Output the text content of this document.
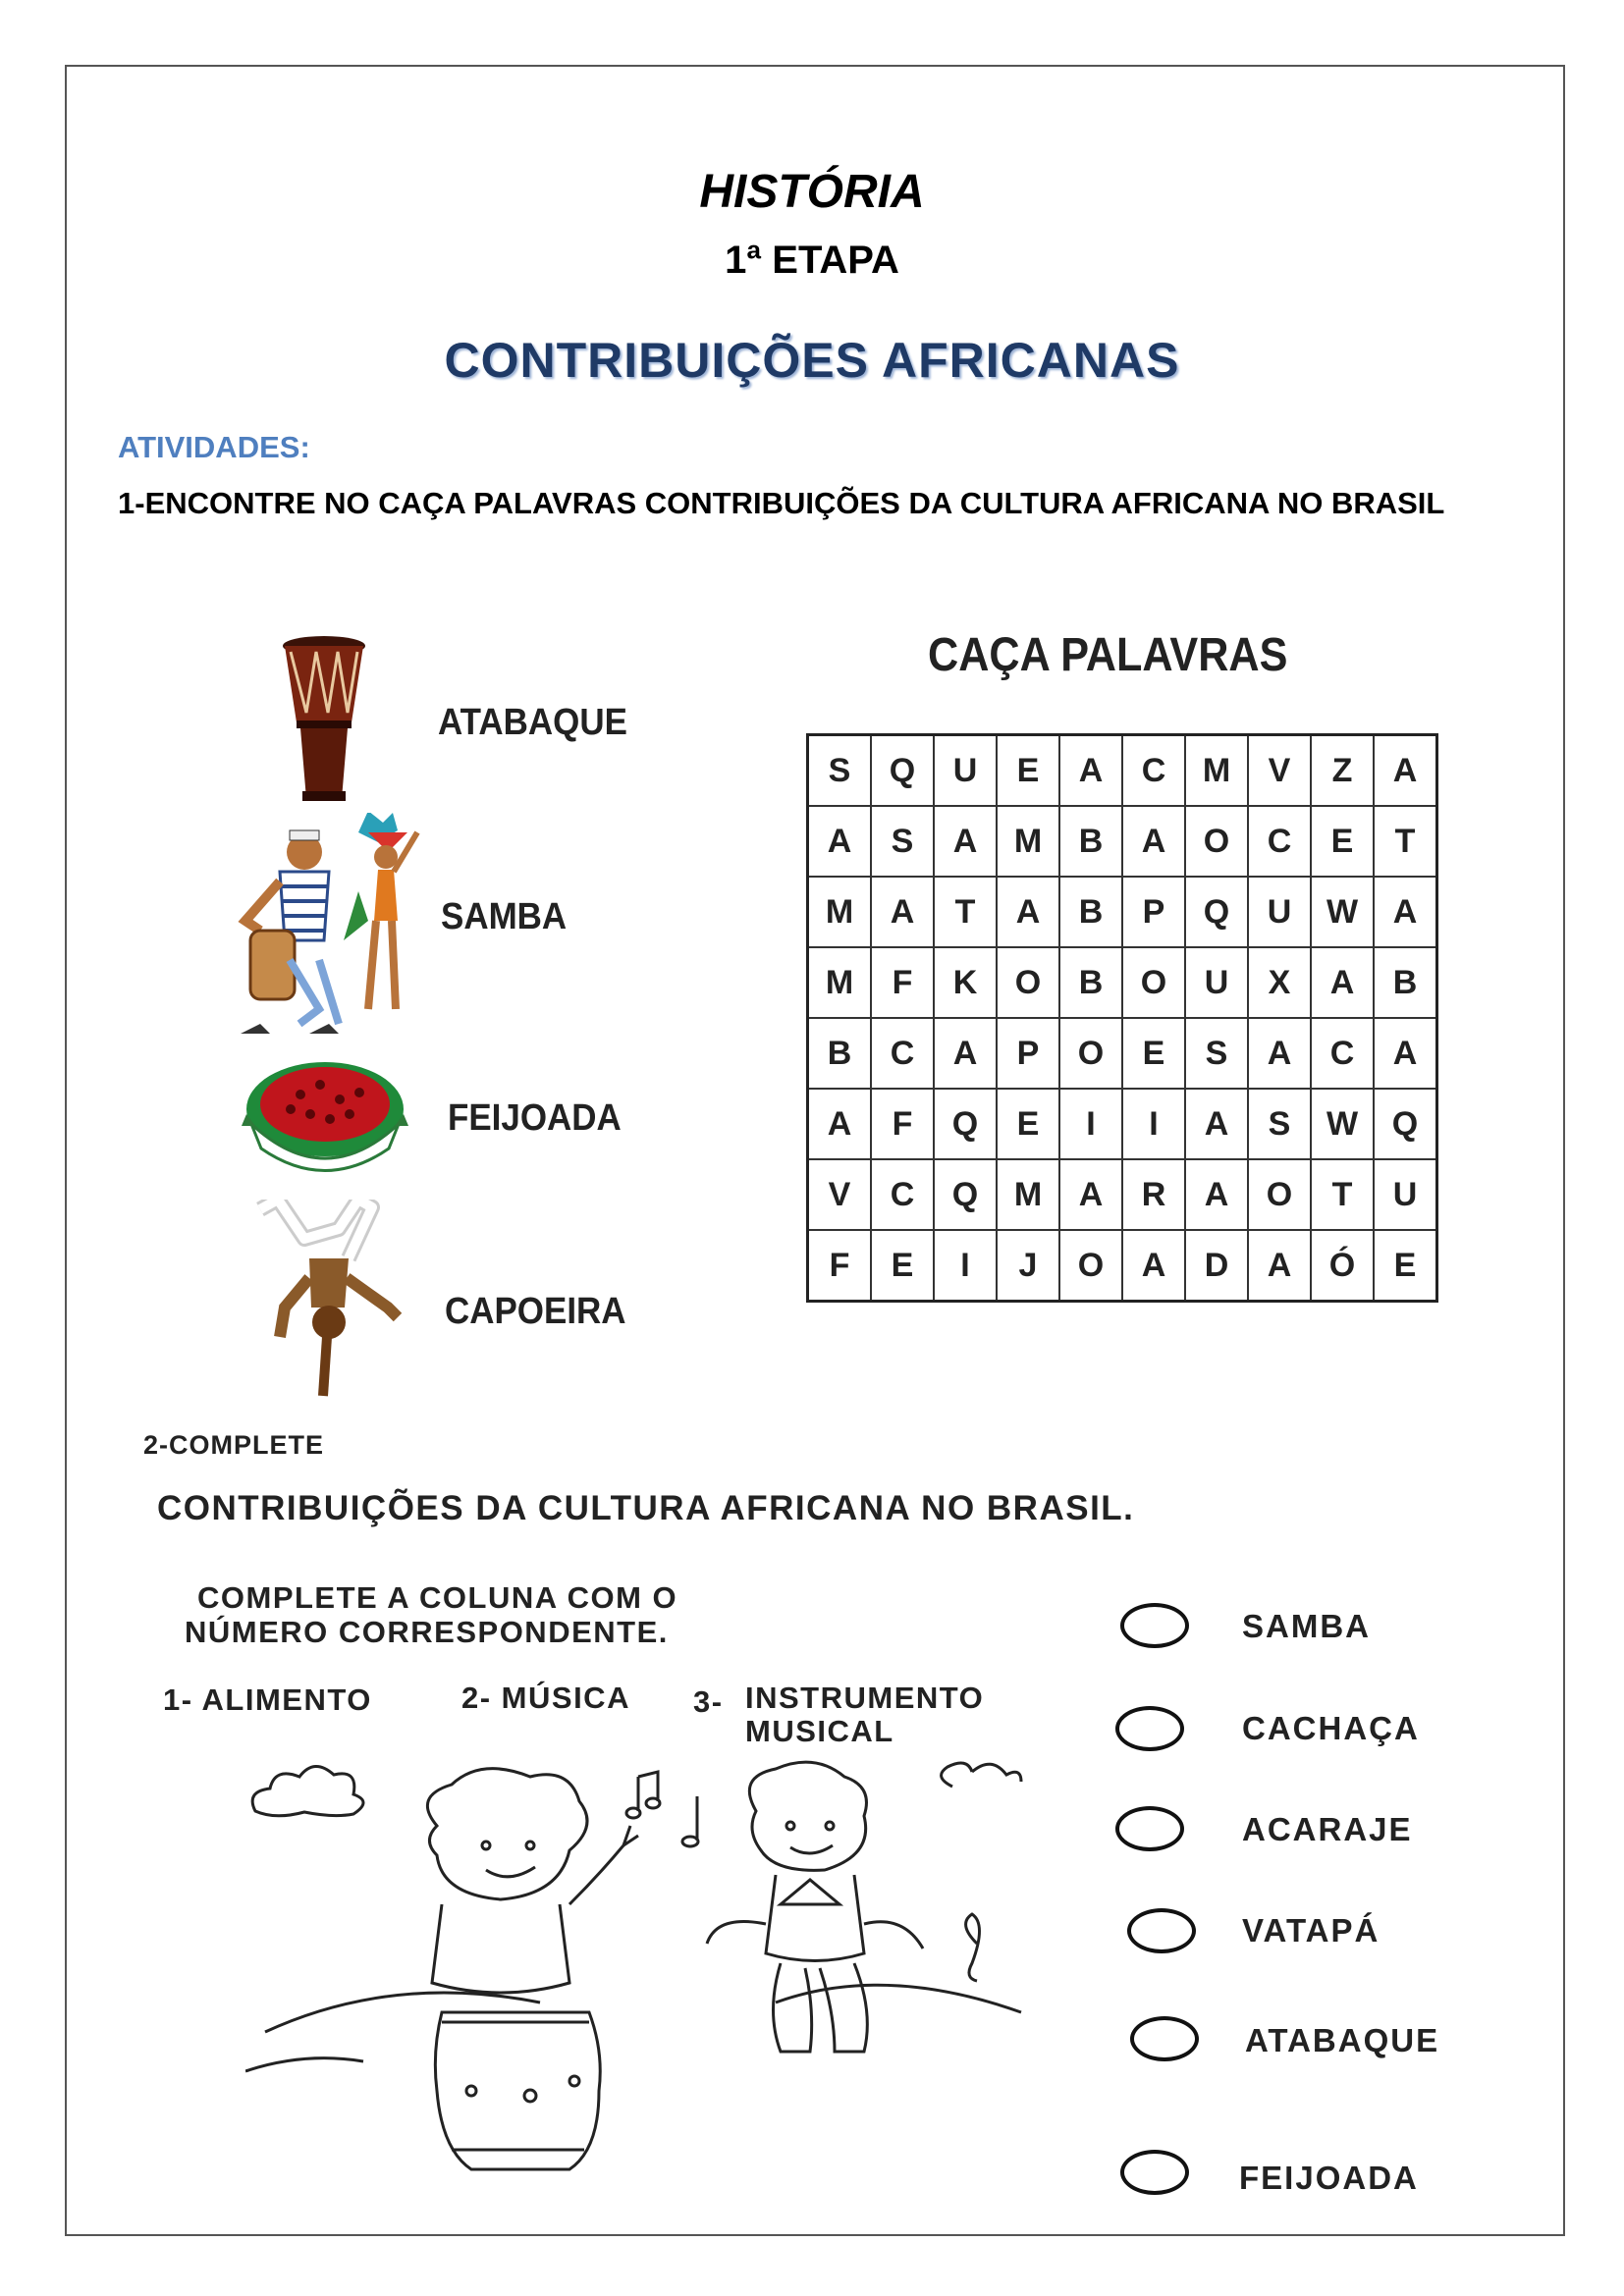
HISTÓRIA
1ª ETAPA
CONTRIBUIÇÕES AFRICANAS
ATIVIDADES:
1-ENCONTRE NO CAÇA PALAVRAS CONTRIBUIÇÕES DA CULTURA AFRICANA NO BRASIL
ATABAQUE
SAMBA
FEIJOADA
CAPOEIRA
CAÇA PALAVRAS
S	Q	U	E	A	C	M	V	Z	A
A	S	A	M	B	A	O	C	E	T
M	A	T	A	B	P	Q	U	W	A
M	F	K	O	B	O	U	X	A	B
B	C	A	P	O	E	S	A	C	A
A	F	Q	E	I	I	A	S	W	Q
V	C	Q	M	A	R	A	O	T	U
F	E	I	J	O	A	D	A	Ó	E
2-COMPLETE
CONTRIBUIÇÕES DA CULTURA AFRICANA NO BRASIL.
COMPLETE A COLUNA COM O
NÚMERO CORRESPONDENTE.
1- ALIMENTO	2- MÚSICA 3- INSTRUMENTO
MUSICAL
SAMBA
CACHAÇA
ACARAJE
VATAPÁ
ATABAQUE
FEIJOADA
